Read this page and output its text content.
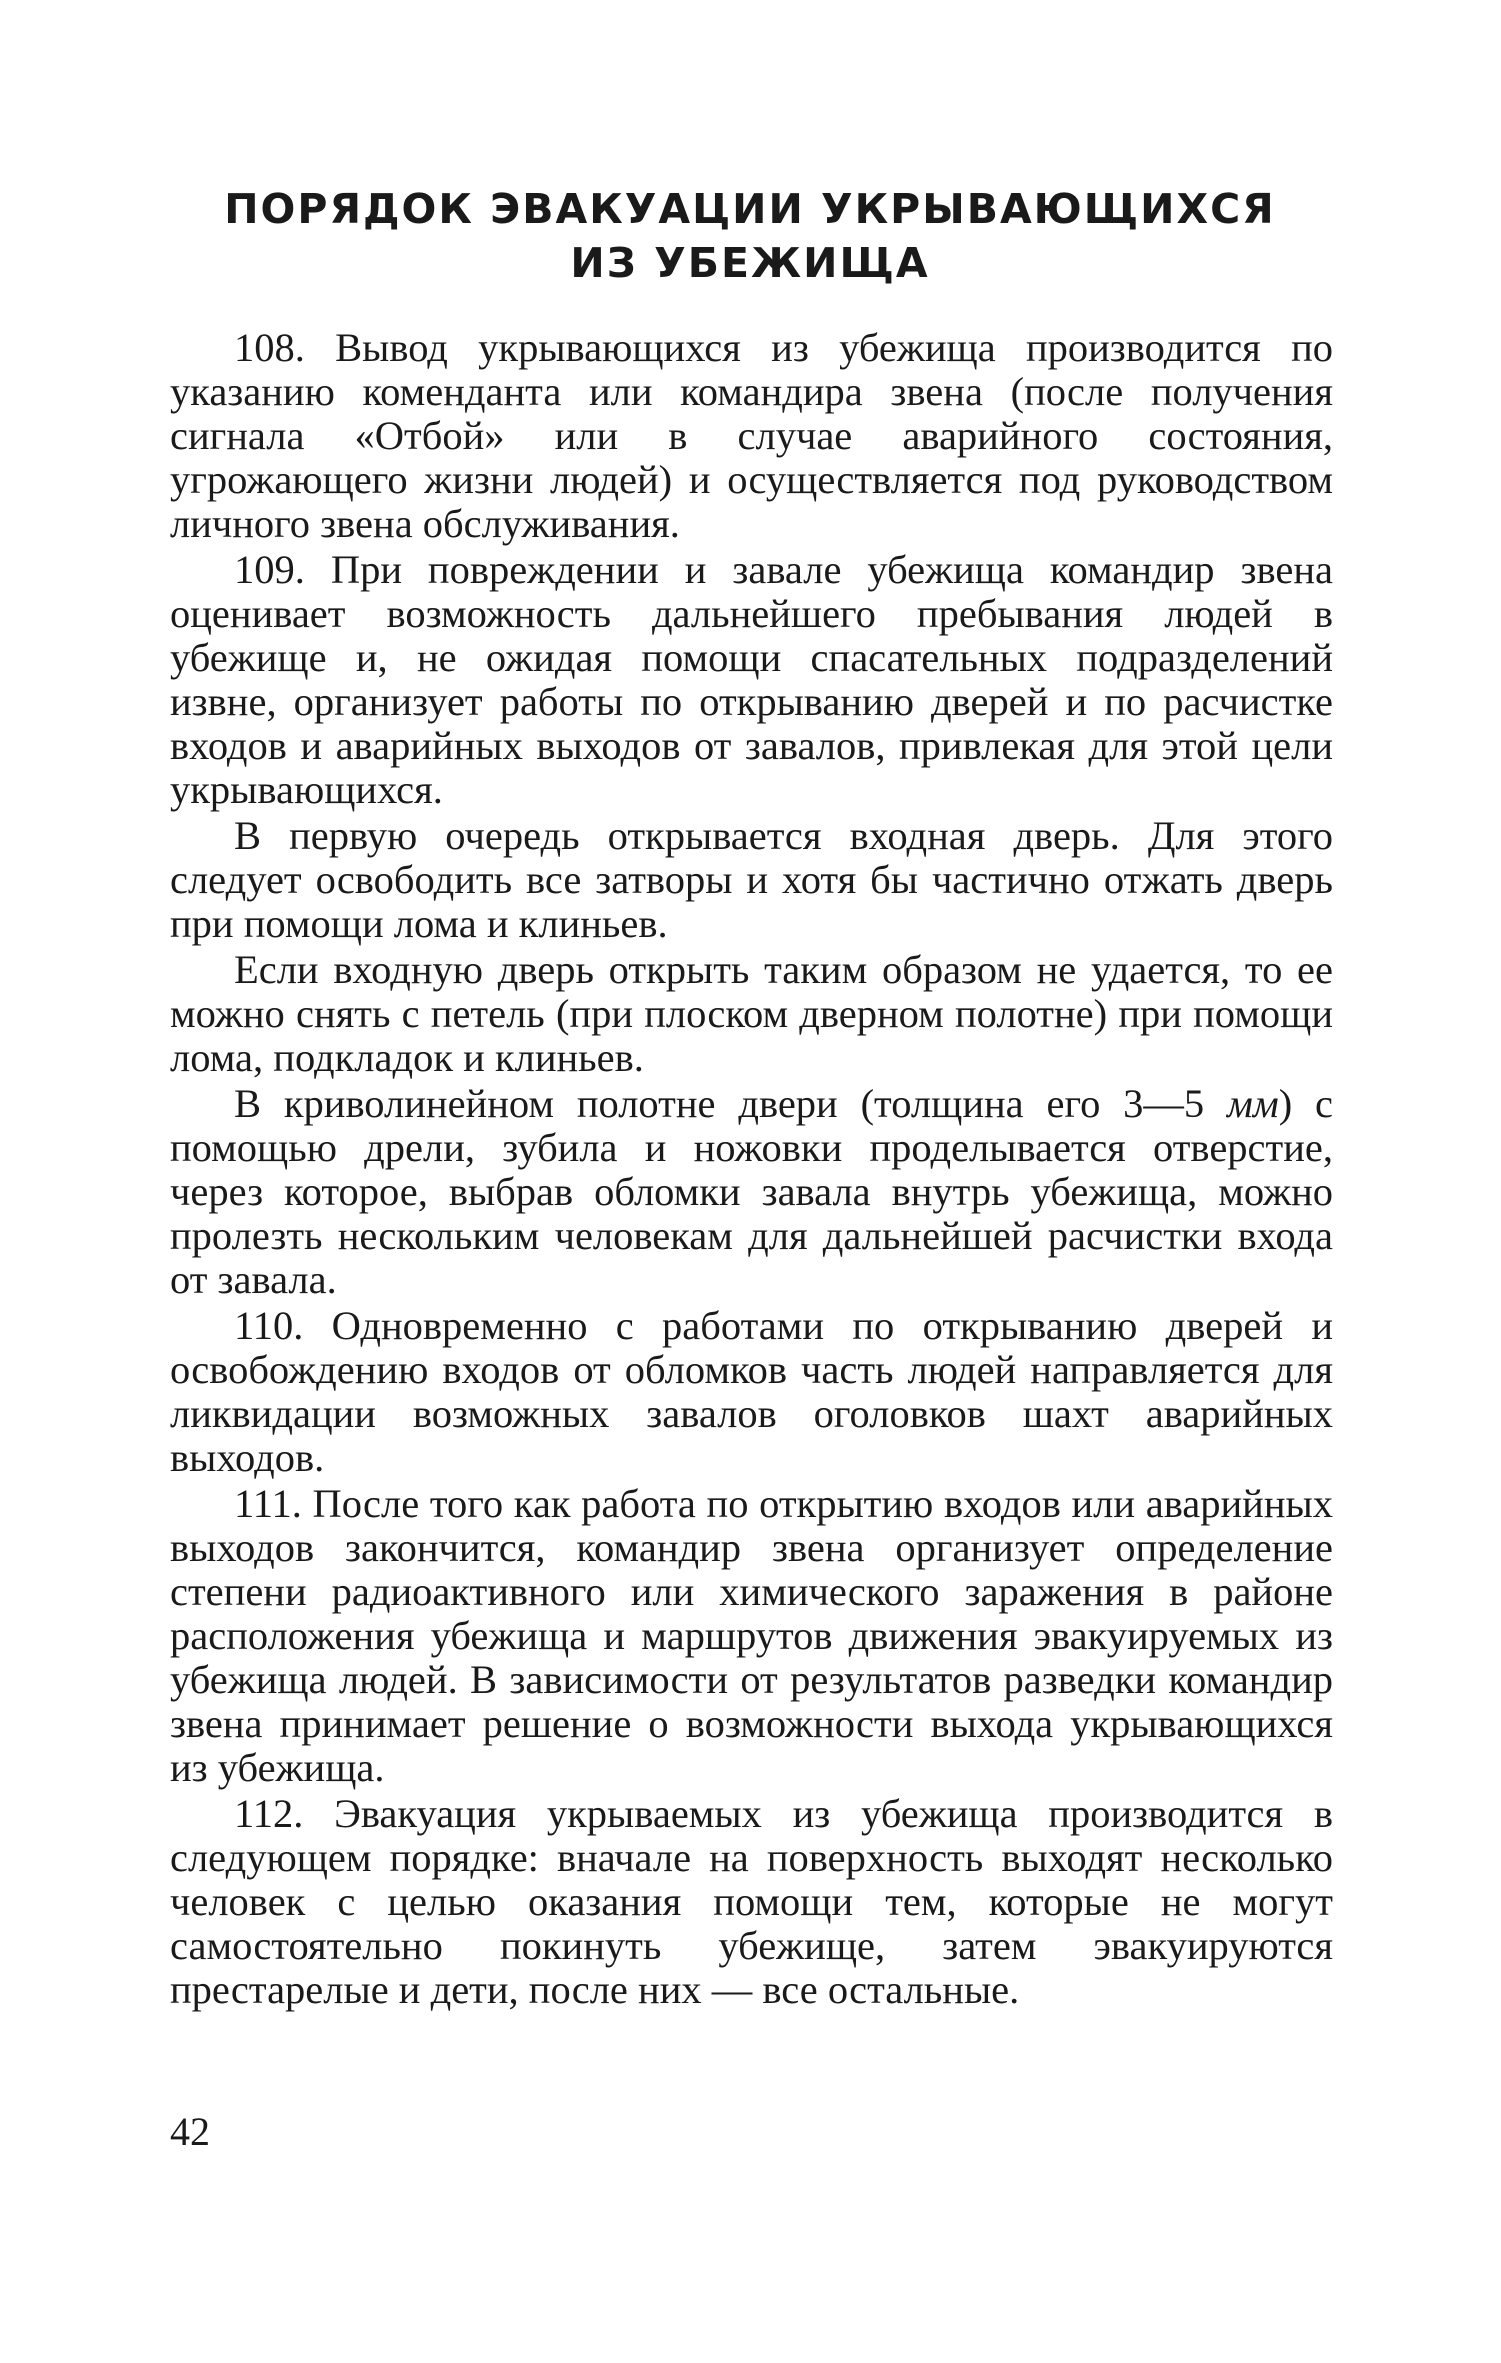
ПОРЯДОК ЭВАКУАЦИИ УКРЫВАЮЩИХСЯ
ИЗ УБЕЖИЩА

108. Вывод укрывающихся из убежища производится по указанию коменданта или командира звена (после получения сигнала «Отбой» или в случае аварийного состояния, угрожающего жизни людей) и осуществляется под руководством личного звена обслуживания.

109. При повреждении и завале убежища командир звена оценивает возможность дальнейшего пребывания людей в убежище и, не ожидая помощи спасательных подразделений извне, организует работы по открыванию дверей и по расчистке входов и аварийных выходов от завалов, привлекая для этой цели укрывающихся.

В первую очередь открывается входная дверь. Для этого следует освободить все затворы и хотя бы частично отжать дверь при помощи лома и клиньев.

Если входную дверь открыть таким образом не удается, то ее можно снять с петель (при плоском дверном полотне) при помощи лома, подкладок и клиньев.

В криволинейном полотне двери (толщина его 3—5 мм) с помощью дрели, зубила и ножовки проделывается отверстие, через которое, выбрав обломки завала внутрь убежища, можно пролезть нескольким человекам для дальнейшей расчистки входа от завала.

110. Одновременно с работами по открыванию дверей и освобождению входов от обломков часть людей направляется для ликвидации возможных завалов оголовков шахт аварийных выходов.

111. После того как работа по открытию входов или аварийных выходов закончится, командир звена организует определение степени радиоактивного или химического заражения в районе расположения убежища и маршрутов движения эвакуируемых из убежища людей. В зависимости от результатов разведки командир звена принимает решение о возможности выхода укрывающихся из убежища.

112. Эвакуация укрываемых из убежища производится в следующем порядке: вначале на поверхность выходят несколько человек с целью оказания помощи тем, которые не могут самостоятельно покинуть убежище, затем эвакуируются престарелые и дети, после них — все остальные.

42
